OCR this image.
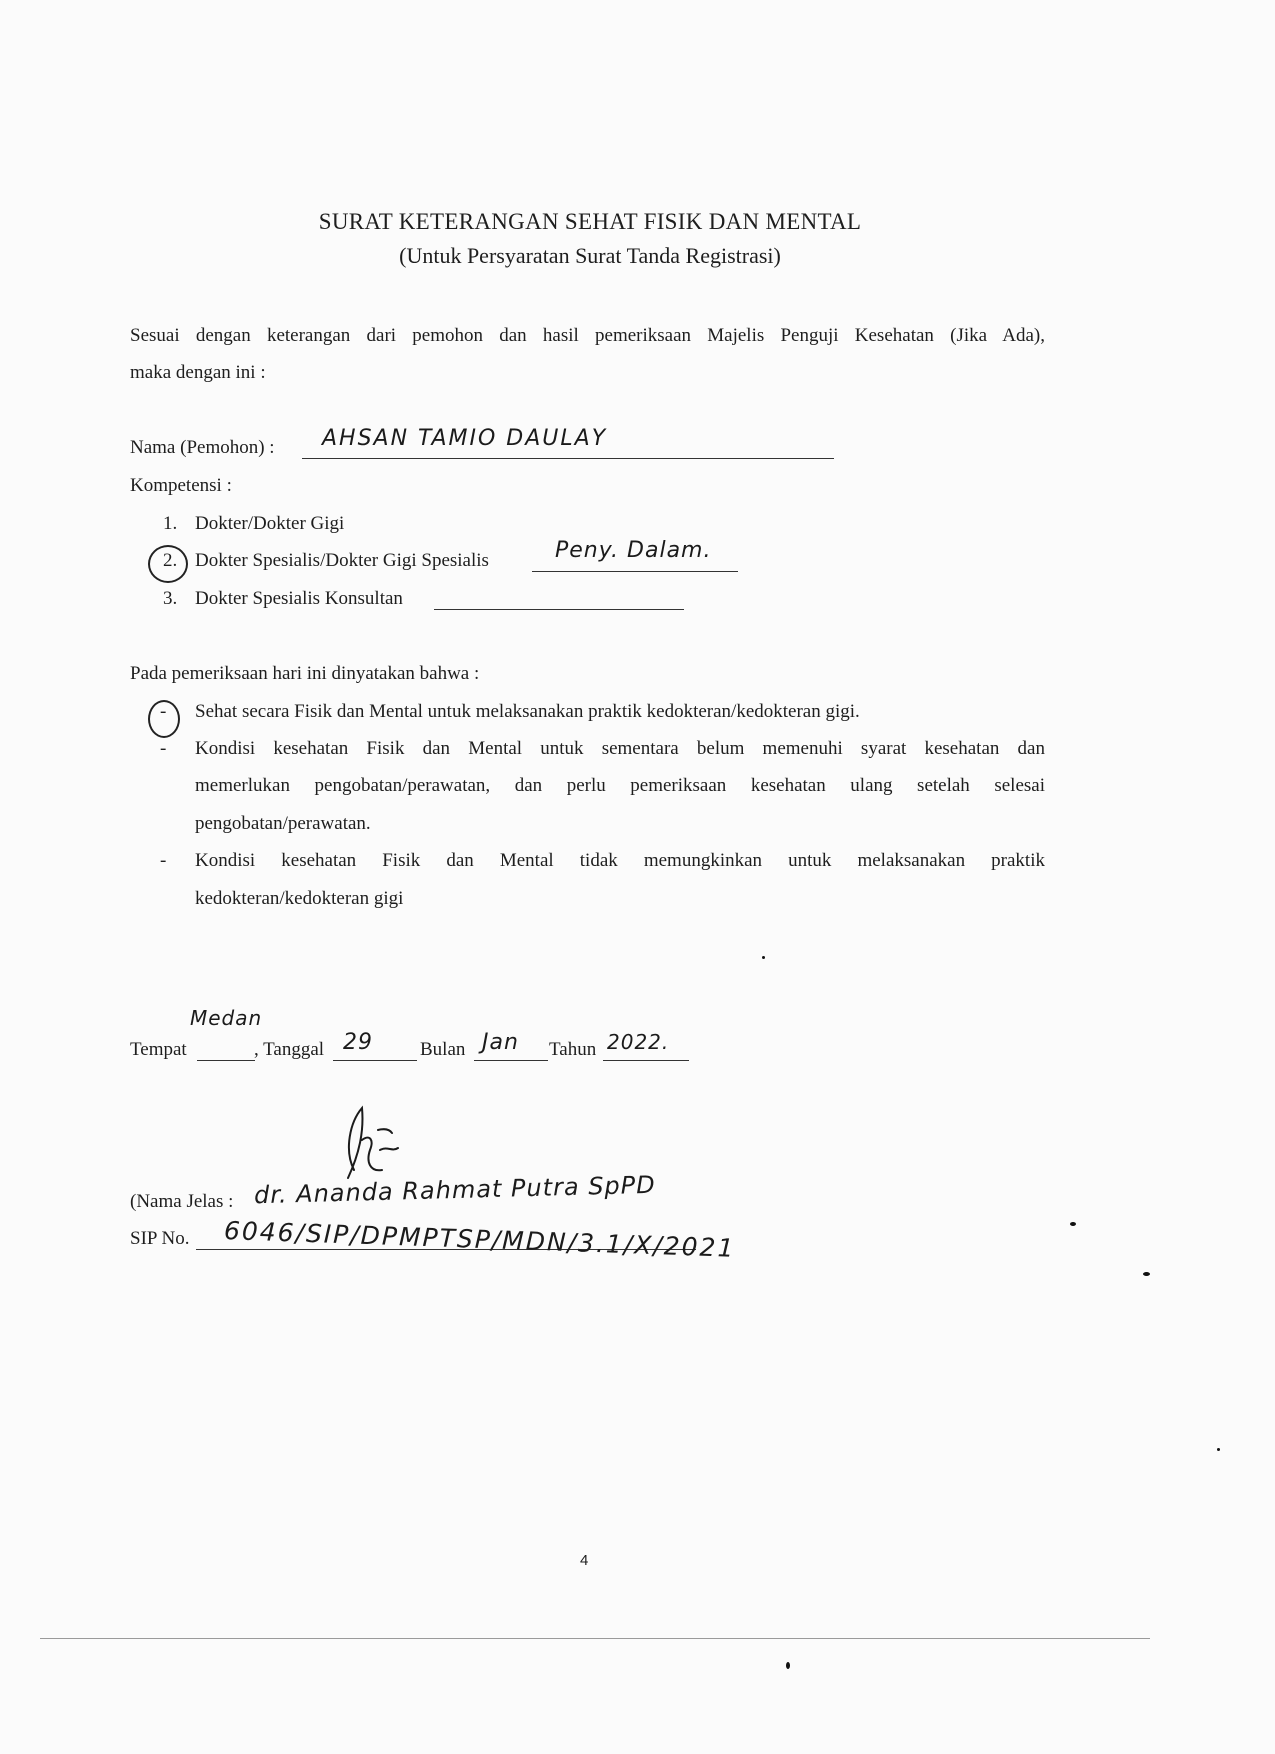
SURAT KETERANGAN SEHAT FISIK DAN MENTAL
(Untuk Persyaratan Surat Tanda Registrasi)
Sesuai dengan keterangan dari pemohon dan hasil pemeriksaan Majelis Penguji Kesehatan (Jika Ada),
maka dengan ini :
Nama (Pemohon) : AHSAN TAMIO DAULAY
Kompetensi :
1. Dokter/Dokter Gigi
2. Dokter Spesialis/Dokter Gigi Spesialis	Peny. Dalam.
3. Dokter Spesialis Konsultan
Pada pemeriksaan hari ini dinyatakan bahwa :
- Sehat secara Fisik dan Mental untuk melaksanakan praktik kedokteran/kedokteran gigi.
- Kondisi kesehatan Fisik dan Mental untuk sementara belum memenuhi syarat kesehatan dan
memerlukan pengobatan/perawatan, dan perlu pemeriksaan kesehatan ulang setelah selesai
pengobatan/perawatan.
- Kondisi kesehatan Fisik dan Mental tidak memungkinkan untuk melaksanakan praktik
kedokteran/kedokteran gigi
Tempat
Medan
, Tanggal 29 Bulan Jan Tahun 2022.
(Nama Jelas : dr. Ananda Rahmat Putra SpPD
SIP No. 6046/SIP/DPMPTSP/MDN/3.1/X/2021
4
